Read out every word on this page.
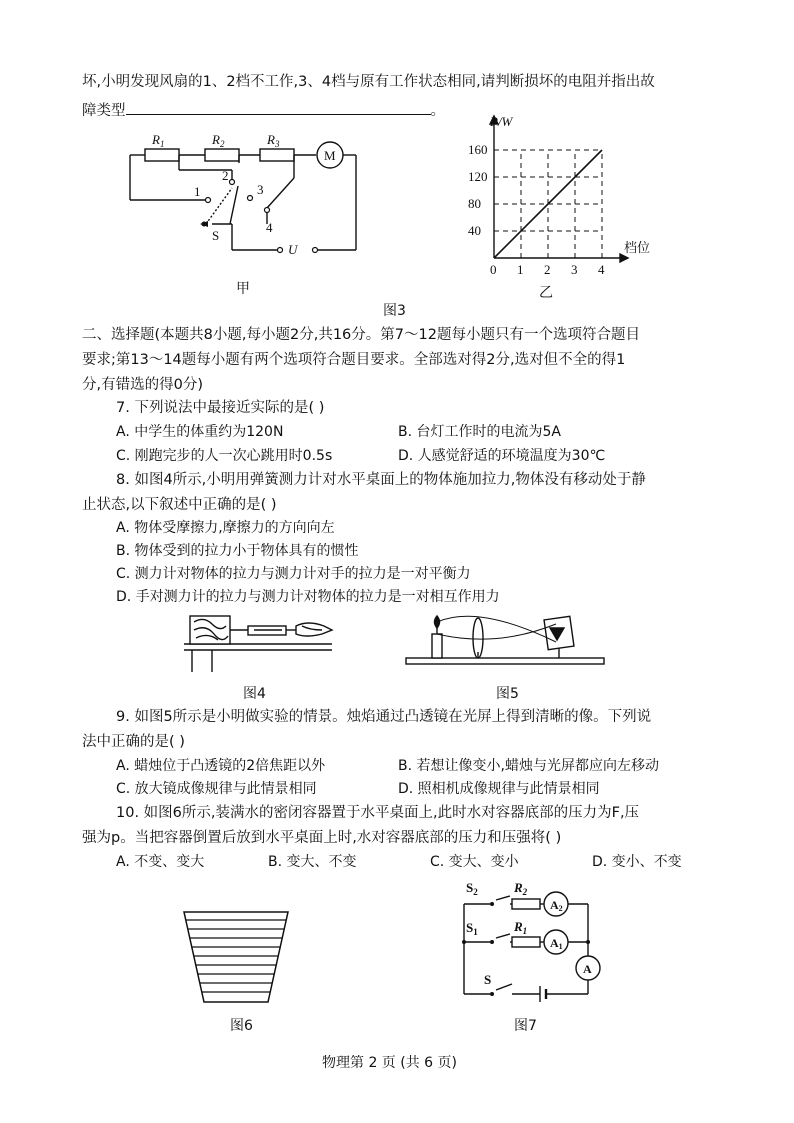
坏,小明发现风扇的1、2档不工作,3、4档与原有工作状态相同,请判断损坏的电阻并指出故
障类型	。
$R_1$	$R_2$	$R_3$
M
1
2
3
4
S
U
甲
0 1 2 3 4
40
80
120
160
P/W
档位
乙
图3
二、选择题(本题共8小题,每小题2分,共16分。第7～12题每小题只有一个选项符合题目
要求;第13～14题每小题有两个选项符合题目要求。全部选对得2分,选对但不全的得1
分,有错选的得0分)
7. 下列说法中最接近实际的是( )
A. 中学生的体重约为120N	B. 台灯工作时的电流为5A
C. 刚跑完步的人一次心跳用时0.5s	D. 人感觉舒适的环境温度为30℃
8. 如图4所示,小明用弹簧测力计对水平桌面上的物体施加拉力,物体没有移动处于静
止状态,以下叙述中正确的是( )
A. 物体受摩擦力,摩擦力的方向向左
B. 物体受到的拉力小于物体具有的惯性
C. 测力计对物体的拉力与测力计对手的拉力是一对平衡力
D. 手对测力计的拉力与测力计对物体的拉力是一对相互作用力
图4	图5
9. 如图5所示是小明做实验的情景。烛焰通过凸透镜在光屏上得到清晰的像。下列说
法中正确的是( )
A. 蜡烛位于凸透镜的2倍焦距以外	B. 若想让像变小,蜡烛与光屏都应向左移动
C. 放大镜成像规律与此情景相同	D. 照相机成像规律与此情景相同
10. 如图6所示,装满水的密闭容器置于水平桌面上,此时水对容器底部的压力为F,压
强为p。当把容器倒置后放到水平桌面上时,水对容器底部的压力和压强将( )
A. 不变、变大	B. 变大、不变	C. 变大、变小	D. 变小、不变
图6
$S_2$	$R_2$
A2
$S_1$	$R_1$
A1
A
S
图7
物理第 2 页 (共 6 页)
